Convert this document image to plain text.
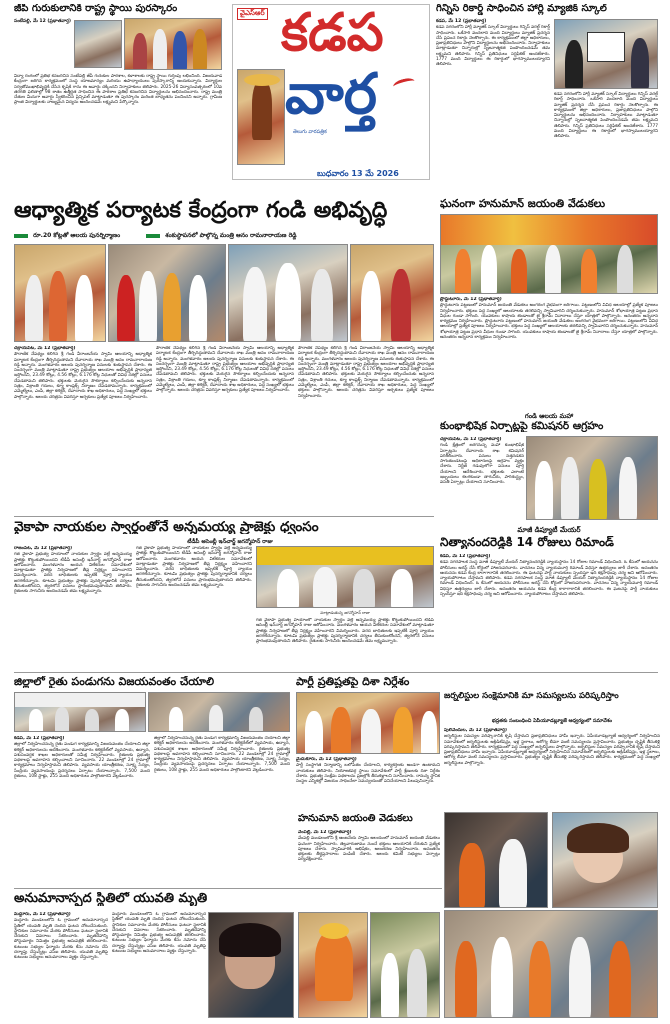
జీపీ గురుకులానికి రాష్ట్ర స్థాయి పురస్కారం
సంబేపల్లి, మే 12 (ప్రభాతవార్త)
విద్యా రంగంలో ప్రతిభ కనబరిచిన సంబేపల్లి జీపీ గురుకుల పాఠశాల, కళాశాలకు రాష్ట్ర స్థాయి గుర్తింపు లభించింది. విజయవాడ కేంద్రంగా జరిగిన కార్యక్రమంలో సంస్థ యాజమాన్యం మరియు ఉపాధ్యాయులు పురస్కారాన్ని అందుకున్నారు. విద్యార్థుల సర్వతోముఖాభివృద్ధికి చేసిన కృషికి గాను ఈ అవార్డు దక్కిందని నిర్వాహకులు తెలిపారు. 2025-26 విద్యాసంవత్సరంలో 10వ తరగతి ఫలితాల్లో 98 శాతం ఉత్తీర్ణత సాధించిన ఈ పాఠశాల ప్రతిభ కనబరిచిన విద్యార్థులను అభినందించారు. రాష్ట్ర మంత్రి చేతుల మీదుగా అవార్డు స్వీకరించిన ప్రిన్సిపల్ మాట్లాడుతూ ఈ పురస్కారం మరింత బాధ్యతను పెంచిందని అన్నారు. గ్రామీణ ప్రాంత విద్యార్థులకు నాణ్యమైన విద్యను అందించడమే లక్ష్యమని పేర్కొన్నారు.
వైఎస్ఆర్ కడప
వార్త
తెలుగు వారపత్రిక
బుధవారం 13 మే 2026
గిన్నిస్ రికార్డ్ సాధించిన హార్లీ మ్యాజిక్ స్కూల్
కడప, మే 12 (ప్రభాతవార్త)
కడప నగరంలోని హార్లీ మ్యాజిక్ స్కూల్ విద్యార్థులు గిన్నిస్ వరల్డ్ రికార్డ్ సాధించారు. ఒకేసారి వందలాది మంది విద్యార్థులు మ్యాజిక్ ప్రదర్శన చేసి ప్రపంచ రికార్డు నెలకొల్పారు. ఈ కార్యక్రమంలో జిల్లా అధికారులు, ప్రజాప్రతినిధులు పాల్గొని విద్యార్థులను అభినందించారు. నిర్వాహకులు మాట్లాడుతూ చిన్నారుల్లో సృజనాత్మకత పెంపొందించడమే తమ లక్ష్యమని తెలిపారు. గిన్నిస్ ప్రతినిధులు సర్టిఫికెట్ అందజేశారు. 1777 మంది విద్యార్థులు ఈ రికార్డులో భాగస్వాములయ్యారని తెలిపారు.
కడప నగరంలోని హార్లీ మ్యాజిక్ స్కూల్ విద్యార్థులు గిన్నిస్ వరల్డ్ రికార్డ్ సాధించారు. ఒకేసారి వందలాది మంది విద్యార్థులు మ్యాజిక్ ప్రదర్శన చేసి ప్రపంచ రికార్డు నెలకొల్పారు. ఈ కార్యక్రమంలో జిల్లా అధికారులు, ప్రజాప్రతినిధులు పాల్గొని విద్యార్థులను అభినందించారు. నిర్వాహకులు మాట్లాడుతూ చిన్నారుల్లో సృజనాత్మకత పెంపొందించడమే తమ లక్ష్యమని తెలిపారు. గిన్నిస్ ప్రతినిధులు సర్టిఫికెట్ అందజేశారు. 1777 మంది విద్యార్థులు ఈ రికార్డులో భాగస్వాములయ్యారని తెలిపారు.
ఆధ్యాత్మిక పర్యాటక కేంద్రంగా గండి అభివృద్ధి
రూ.20 కోట్లతో ఆలయ పునర్నిర్మాణం	శంకుస్థాపనలో పాల్గొన్న మంత్రి ఆనం రామనారాయణ రెడ్డి
చక్రాయపేట, మే 12 (ప్రభాతవార్త)
పౌరాణిక నేపథ్యం కలిగిన శ్రీ గండి వీరాంజనేయ స్వామి ఆలయాన్ని ఆధ్యాత్మిక పర్యాటక కేంద్రంగా తీర్చిదిద్దుతామని దేవాదాయ శాఖ మంత్రి ఆనం రామనారాయణ రెడ్డి అన్నారు. మంగళవారం ఆలయ పునర్నిర్మాణ పనులకు శంకుస్థాపన చేశారు. ఈ సందర్భంగా మంత్రి మాట్లాడుతూ రాష్ట్ర ప్రభుత్వం ఆలయాల అభివృద్ధికి ప్రాధాన్యత ఇస్తోందని, 23.49 కోట్లు, 4.56 కోట్లు, 6.176 కోట్ల నిధులతో వివిధ దశల్లో పనులు చేపడతామని తెలిపారు. భక్తులకు మెరుగైన సౌకర్యాలు కల్పించేందుకు అన్నదాన సత్రం, విశ్రాంతి గదులు, క్యూ కాంప్లెక్స్ నిర్మాణం చేపడతామన్నారు. కార్యక్రమంలో ఎమ్మెల్యేలు, ఎంపీ, జిల్లా కలెక్టర్, దేవాదాయ శాఖ అధికారులు, పెద్ద సంఖ్యలో భక్తులు పాల్గొన్నారు. ఆలయ చరిత్రను వివరిస్తూ అర్చకులు ప్రత్యేక పూజలు నిర్వహించారు.
పౌరాణిక నేపథ్యం కలిగిన శ్రీ గండి వీరాంజనేయ స్వామి ఆలయాన్ని ఆధ్యాత్మిక పర్యాటక కేంద్రంగా తీర్చిదిద్దుతామని దేవాదాయ శాఖ మంత్రి ఆనం రామనారాయణ రెడ్డి అన్నారు. మంగళవారం ఆలయ పునర్నిర్మాణ పనులకు శంకుస్థాపన చేశారు. ఈ సందర్భంగా మంత్రి మాట్లాడుతూ రాష్ట్ర ప్రభుత్వం ఆలయాల అభివృద్ధికి ప్రాధాన్యత ఇస్తోందని, 23.49 కోట్లు, 4.56 కోట్లు, 6.176 కోట్ల నిధులతో వివిధ దశల్లో పనులు చేపడతామని తెలిపారు. భక్తులకు మెరుగైన సౌకర్యాలు కల్పించేందుకు అన్నదాన సత్రం, విశ్రాంతి గదులు, క్యూ కాంప్లెక్స్ నిర్మాణం చేపడతామన్నారు. కార్యక్రమంలో ఎమ్మెల్యేలు, ఎంపీ, జిల్లా కలెక్టర్, దేవాదాయ శాఖ అధికారులు, పెద్ద సంఖ్యలో భక్తులు పాల్గొన్నారు. ఆలయ చరిత్రను వివరిస్తూ అర్చకులు ప్రత్యేక పూజలు నిర్వహించారు.
పౌరాణిక నేపథ్యం కలిగిన శ్రీ గండి వీరాంజనేయ స్వామి ఆలయాన్ని ఆధ్యాత్మిక పర్యాటక కేంద్రంగా తీర్చిదిద్దుతామని దేవాదాయ శాఖ మంత్రి ఆనం రామనారాయణ రెడ్డి అన్నారు. మంగళవారం ఆలయ పునర్నిర్మాణ పనులకు శంకుస్థాపన చేశారు. ఈ సందర్భంగా మంత్రి మాట్లాడుతూ రాష్ట్ర ప్రభుత్వం ఆలయాల అభివృద్ధికి ప్రాధాన్యత ఇస్తోందని, 23.49 కోట్లు, 4.56 కోట్లు, 6.176 కోట్ల నిధులతో వివిధ దశల్లో పనులు చేపడతామని తెలిపారు. భక్తులకు మెరుగైన సౌకర్యాలు కల్పించేందుకు అన్నదాన సత్రం, విశ్రాంతి గదులు, క్యూ కాంప్లెక్స్ నిర్మాణం చేపడతామన్నారు. కార్యక్రమంలో ఎమ్మెల్యేలు, ఎంపీ, జిల్లా కలెక్టర్, దేవాదాయ శాఖ అధికారులు, పెద్ద సంఖ్యలో భక్తులు పాల్గొన్నారు. ఆలయ చరిత్రను వివరిస్తూ అర్చకులు ప్రత్యేక పూజలు నిర్వహించారు.
ఘనంగా హనుమాన్ జయంతి వేడుకలు
ప్రొద్దుటూరు, మే 12 (ప్రభాతవార్త)
ప్రొద్దుటూరు పట్టణంలో హనుమాన్ జయంతి వేడుకలు అంగరంగ వైభవంగా జరిగాయి. పట్టణంలోని వివిధ ఆలయాల్లో ప్రత్యేక పూజలు నిర్వహించారు. భక్తులు పెద్ద సంఖ్యలో ఆలయాలకు తరలివచ్చి స్వామివారిని దర్శించుకున్నారు. హనుమాన్ శోభాయాత్ర పట్టణ ప్రధాన వీధుల గుండా సాగింది. యువకులు కాషాయ జెండాలతో జై శ్రీరామ్ నినాదాలు చేస్తూ యాత్రలో పాల్గొన్నారు. అనంతరం అన్నదాన కార్యక్రమం నిర్వహించారు. ప్రొద్దుటూరు పట్టణంలో హనుమాన్ జయంతి వేడుకలు అంగరంగ వైభవంగా జరిగాయి. పట్టణంలోని వివిధ ఆలయాల్లో ప్రత్యేక పూజలు నిర్వహించారు. భక్తులు పెద్ద సంఖ్యలో ఆలయాలకు తరలివచ్చి స్వామివారిని దర్శించుకున్నారు. హనుమాన్ శోభాయాత్ర పట్టణ ప్రధాన వీధుల గుండా సాగింది. యువకులు కాషాయ జెండాలతో జై శ్రీరామ్ నినాదాలు చేస్తూ యాత్రలో పాల్గొన్నారు. అనంతరం అన్నదాన కార్యక్రమం నిర్వహించారు.
గండి ఆలయ మహా
కుంభాభిషేక ఏర్పాట్లపై కమిషనర్ ఆగ్రహం
చక్రాయపేట, మే 12 (ప్రభాతవార్త)
గండి క్షేత్రంలో జరగనున్న మహా కుంభాభిషేక ఏర్పాట్లను దేవాదాయ శాఖ కమిషనర్ పరిశీలించారు. పనులు నత్తనడకన సాగుతుండటంపై అధికారులపై ఆగ్రహం వ్యక్తం చేశారు. నిర్ణీత గడువులోగా పనులు పూర్తి చేయాలని ఆదేశించారు. భక్తులకు ఎలాంటి ఇబ్బందులు కలగకుండా తాగునీరు, పారిశుద్ధ్యం, వసతి ఏర్పాట్లు చేయాలని సూచించారు.
వైకాపా నాయకుల స్వార్థంతోనే అన్నమయ్య ప్రాజెక్టు ధ్వంసం
టీడీపీ అసెంబ్లీ ఇన్‌చార్జ్ జగన్మోహన్ రాజు
రాజంపేట, మే 12 (ప్రభాతవార్త)
గత వైకాపా ప్రభుత్వ హయాంలో నాయకుల స్వార్థం వల్లే అన్నమయ్య ప్రాజెక్టు కొట్టుకుపోయిందని టీడీపీ అసెంబ్లీ ఇన్‌చార్జ్ జగన్మోహన్ రాజు ఆరోపించారు. మంగళవారం ఆయన విలేకరుల సమావేశంలో మాట్లాడుతూ ప్రాజెక్టు నిర్వహణలో తీవ్ర నిర్లక్ష్యం వహించారని విమర్శించారు. వరద బాధితులకు ఇప్పటికీ పూర్తి న్యాయం జరగలేదన్నారు. కూటమి ప్రభుత్వం ప్రాజెక్టు పునర్నిర్మాణానికి చర్యలు తీసుకుంటోందని, త్వరలోనే పనులు ప్రారంభమవుతాయని తెలిపారు. రైతులకు సాగునీరు అందించడమే తమ లక్ష్యమన్నారు.
గత వైకాపా ప్రభుత్వ హయాంలో నాయకుల స్వార్థం వల్లే అన్నమయ్య ప్రాజెక్టు కొట్టుకుపోయిందని టీడీపీ అసెంబ్లీ ఇన్‌చార్జ్ జగన్మోహన్ రాజు ఆరోపించారు. మంగళవారం ఆయన విలేకరుల సమావేశంలో మాట్లాడుతూ ప్రాజెక్టు నిర్వహణలో తీవ్ర నిర్లక్ష్యం వహించారని విమర్శించారు. వరద బాధితులకు ఇప్పటికీ పూర్తి న్యాయం జరగలేదన్నారు. కూటమి ప్రభుత్వం ప్రాజెక్టు పునర్నిర్మాణానికి చర్యలు తీసుకుంటోందని, త్వరలోనే పనులు ప్రారంభమవుతాయని తెలిపారు. రైతులకు సాగునీరు అందించడమే తమ లక్ష్యమన్నారు.
మాట్లాడుతున్న జగన్మోహన్ రాజు
గత వైకాపా ప్రభుత్వ హయాంలో నాయకుల స్వార్థం వల్లే అన్నమయ్య ప్రాజెక్టు కొట్టుకుపోయిందని టీడీపీ అసెంబ్లీ ఇన్‌చార్జ్ జగన్మోహన్ రాజు ఆరోపించారు. మంగళవారం ఆయన విలేకరుల సమావేశంలో మాట్లాడుతూ ప్రాజెక్టు నిర్వహణలో తీవ్ర నిర్లక్ష్యం వహించారని విమర్శించారు. వరద బాధితులకు ఇప్పటికీ పూర్తి న్యాయం జరగలేదన్నారు. కూటమి ప్రభుత్వం ప్రాజెక్టు పునర్నిర్మాణానికి చర్యలు తీసుకుంటోందని, త్వరలోనే పనులు ప్రారంభమవుతాయని తెలిపారు. రైతులకు సాగునీరు అందించడమే తమ లక్ష్యమన్నారు.
మాజీ డిప్యూటీ మేయర్
నిత్యానందరెడ్డికి 14 రోజులు రిమాండ్
కడప, మే 12 (ప్రభాతవార్త)
కడప నగరపాలక సంస్థ మాజీ డిప్యూటీ మేయర్ నిత్యానందరెడ్డికి న్యాయస్థానం 14 రోజుల రిమాండ్ విధించింది. ఓ కేసులో ఆయనను పోలీసులు అరెస్ట్ చేసి కోర్టులో హాజరుపరిచారు. వాదనలు విన్న న్యాయమూర్తి రిమాండ్ విధిస్తూ ఉత్తర్వులు జారీ చేశారు. అనంతరం ఆయనను కడప కేంద్ర కారాగారానికి తరలించారు. ఈ ఘటనపై పార్టీ నాయకులు స్పందిస్తూ ఇది కక్షసాధింపు చర్య అని ఆరోపించారు. న్యాయపోరాటం చేస్తామని తెలిపారు. కడప నగరపాలక సంస్థ మాజీ డిప్యూటీ మేయర్ నిత్యానందరెడ్డికి న్యాయస్థానం 14 రోజుల రిమాండ్ విధించింది. ఓ కేసులో ఆయనను పోలీసులు అరెస్ట్ చేసి కోర్టులో హాజరుపరిచారు. వాదనలు విన్న న్యాయమూర్తి రిమాండ్ విధిస్తూ ఉత్తర్వులు జారీ చేశారు. అనంతరం ఆయనను కడప కేంద్ర కారాగారానికి తరలించారు. ఈ ఘటనపై పార్టీ నాయకులు స్పందిస్తూ ఇది కక్షసాధింపు చర్య అని ఆరోపించారు. న్యాయపోరాటం చేస్తామని తెలిపారు.
జిల్లాలో రైతు పండుగను విజయవంతం చేయాలి
కడప, మే 12 (ప్రభాతవార్త)
జిల్లాలో నిర్వహించనున్న రైతు పండుగ కార్యక్రమాన్ని విజయవంతం చేయాలని జిల్లా కలెక్టర్ అధికారులను ఆదేశించారు. మంగళవారం కలెక్టరేట్‌లో వ్యవసాయ, ఉద్యాన, పశుసంవర్ధక శాఖల అధికారులతో సమీక్ష నిర్వహించారు. రైతులకు ప్రభుత్వ పథకాలపై అవగాహన కల్పించాలని సూచించారు. 22 మండలాల్లో 24 గ్రామాల్లో కార్యక్రమాలు నిర్వహిస్తామని తెలిపారు. వ్యవసాయ యాంత్రీకరణ, సూక్ష్మ సేద్యం, సేంద్రీయ వ్యవసాయంపై ప్రదర్శనలు ఏర్పాటు చేయాలన్నారు. 7,500 మంది రైతులు, 108 స్టాళ్లు, 255 మంది అధికారులు పాల్గొంటారని వెల్లడించారు.
జిల్లాలో నిర్వహించనున్న రైతు పండుగ కార్యక్రమాన్ని విజయవంతం చేయాలని జిల్లా కలెక్టర్ అధికారులను ఆదేశించారు. మంగళవారం కలెక్టరేట్‌లో వ్యవసాయ, ఉద్యాన, పశుసంవర్ధక శాఖల అధికారులతో సమీక్ష నిర్వహించారు. రైతులకు ప్రభుత్వ పథకాలపై అవగాహన కల్పించాలని సూచించారు. 22 మండలాల్లో 24 గ్రామాల్లో కార్యక్రమాలు నిర్వహిస్తామని తెలిపారు. వ్యవసాయ యాంత్రీకరణ, సూక్ష్మ సేద్యం, సేంద్రీయ వ్యవసాయంపై ప్రదర్శనలు ఏర్పాటు చేయాలన్నారు. 7,500 మంది రైతులు, 108 స్టాళ్లు, 255 మంది అధికారులు పాల్గొంటారని వెల్లడించారు.
పార్టీ ప్రతిష్టతపై దిశా నిర్దేశం
మైదుకూరు, మే 12 (ప్రభాతవార్త)
పార్టీ సంస్థాగత నిర్మాణాన్ని బలోపేతం చేయాలని, కార్యకర్తలకు అండగా ఉంటామని నాయకులు తెలిపారు. నియోజకవర్గ స్థాయి సమావేశంలో పార్టీ శ్రేణులకు దిశా నిర్దేశం చేశారు. ప్రభుత్వ సంక్షేమ పథకాలను ప్రజల్లోకి తీసుకెళ్లాలని సూచించారు. రానున్న స్థానిక సంస్థల ఎన్నికల్లో విజయం సాధించేలా సమన్వయంతో పనిచేయాలని పిలుపునిచ్చారు.
జర్నలిస్టుల సంక్షేమానికి మా సమస్యలను పరిష్కరిస్తాం
భద్రతకు సంబంధించి ఏపీయూడబ్ల్యూజే ఆధ్వర్యంలో సమావేశం
పులివెందుల, మే 12 (ప్రభాతవార్త)
జర్నలిస్టుల సమస్యల పరిష్కారానికి కృషి చేస్తామని ప్రజాప్రతినిధులు హామీ ఇచ్చారు. ఏపీయూడబ్ల్యూజే ఆధ్వర్యంలో నిర్వహించిన సమావేశంలో జర్నలిస్టులకు అక్రిడిటేషన్లు, ఇళ్ల స్థలాలు, ఆరోగ్య బీమా వంటి సమస్యలను ప్రస్తావించారు. ప్రభుత్వం దృష్టికి తీసుకెళ్లి పరిష్కరిస్తామని తెలిపారు. కార్యక్రమంలో పెద్ద సంఖ్యలో జర్నలిస్టులు పాల్గొన్నారు. జర్నలిస్టుల సమస్యల పరిష్కారానికి కృషి చేస్తామని ప్రజాప్రతినిధులు హామీ ఇచ్చారు. ఏపీయూడబ్ల్యూజే ఆధ్వర్యంలో నిర్వహించిన సమావేశంలో జర్నలిస్టులకు అక్రిడిటేషన్లు, ఇళ్ల స్థలాలు, ఆరోగ్య బీమా వంటి సమస్యలను ప్రస్తావించారు. ప్రభుత్వం దృష్టికి తీసుకెళ్లి పరిష్కరిస్తామని తెలిపారు. కార్యక్రమంలో పెద్ద సంఖ్యలో జర్నలిస్టులు పాల్గొన్నారు.
హనుమాన్ జయంతి వేడుకలు
వేంపల్లి, మే 12 (ప్రభాతవార్త)
వేంపల్లి మండలంలోని శ్రీ ఆంజనేయ స్వామి ఆలయంలో హనుమాన్ జయంతి వేడుకలు ఘనంగా నిర్వహించారు. తెల్లవారుజాము నుంచే భక్తులు ఆలయానికి చేరుకుని ప్రత్యేక పూజలు చేశారు. స్వామివారికి అభిషేకం, అలంకరణ నిర్వహించారు. అనంతరం భక్తులకు తీర్థప్రసాదాలు పంపిణీ చేశారు. ఆలయ కమిటీ సభ్యులు ఏర్పాట్లు పర్యవేక్షించారు.
అనుమానాస్పద స్థితిలో యువతి మృతి
మద్దూరు, మే 12 (ప్రభాతవార్త)
మద్దూరు మండలంలోని ఓ గ్రామంలో అనుమానాస్పద స్థితిలో యువతి మృతి చెందిన ఘటన చోటుచేసుకుంది. స్థానికుల సమాచారం మేరకు పోలీసులు ఘటనా స్థలానికి చేరుకుని వివరాలు సేకరించారు. మృతదేహాన్ని పోస్టుమార్టం నిమిత్తం ప్రభుత్వ ఆసుపత్రికి తరలించారు. కుటుంబ సభ్యుల ఫిర్యాదు మేరకు కేసు నమోదు చేసి దర్యాప్తు చేస్తున్నట్లు ఎస్ఐ తెలిపారు. యువతి మృతిపై కుటుంబ సభ్యులు అనుమానాలు వ్యక్తం చేస్తున్నారు.
మద్దూరు మండలంలోని ఓ గ్రామంలో అనుమానాస్పద స్థితిలో యువతి మృతి చెందిన ఘటన చోటుచేసుకుంది. స్థానికుల సమాచారం మేరకు పోలీసులు ఘటనా స్థలానికి చేరుకుని వివరాలు సేకరించారు. మృతదేహాన్ని పోస్టుమార్టం నిమిత్తం ప్రభుత్వ ఆసుపత్రికి తరలించారు. కుటుంబ సభ్యుల ఫిర్యాదు మేరకు కేసు నమోదు చేసి దర్యాప్తు చేస్తున్నట్లు ఎస్ఐ తెలిపారు. యువతి మృతిపై కుటుంబ సభ్యులు అనుమానాలు వ్యక్తం చేస్తున్నారు.
